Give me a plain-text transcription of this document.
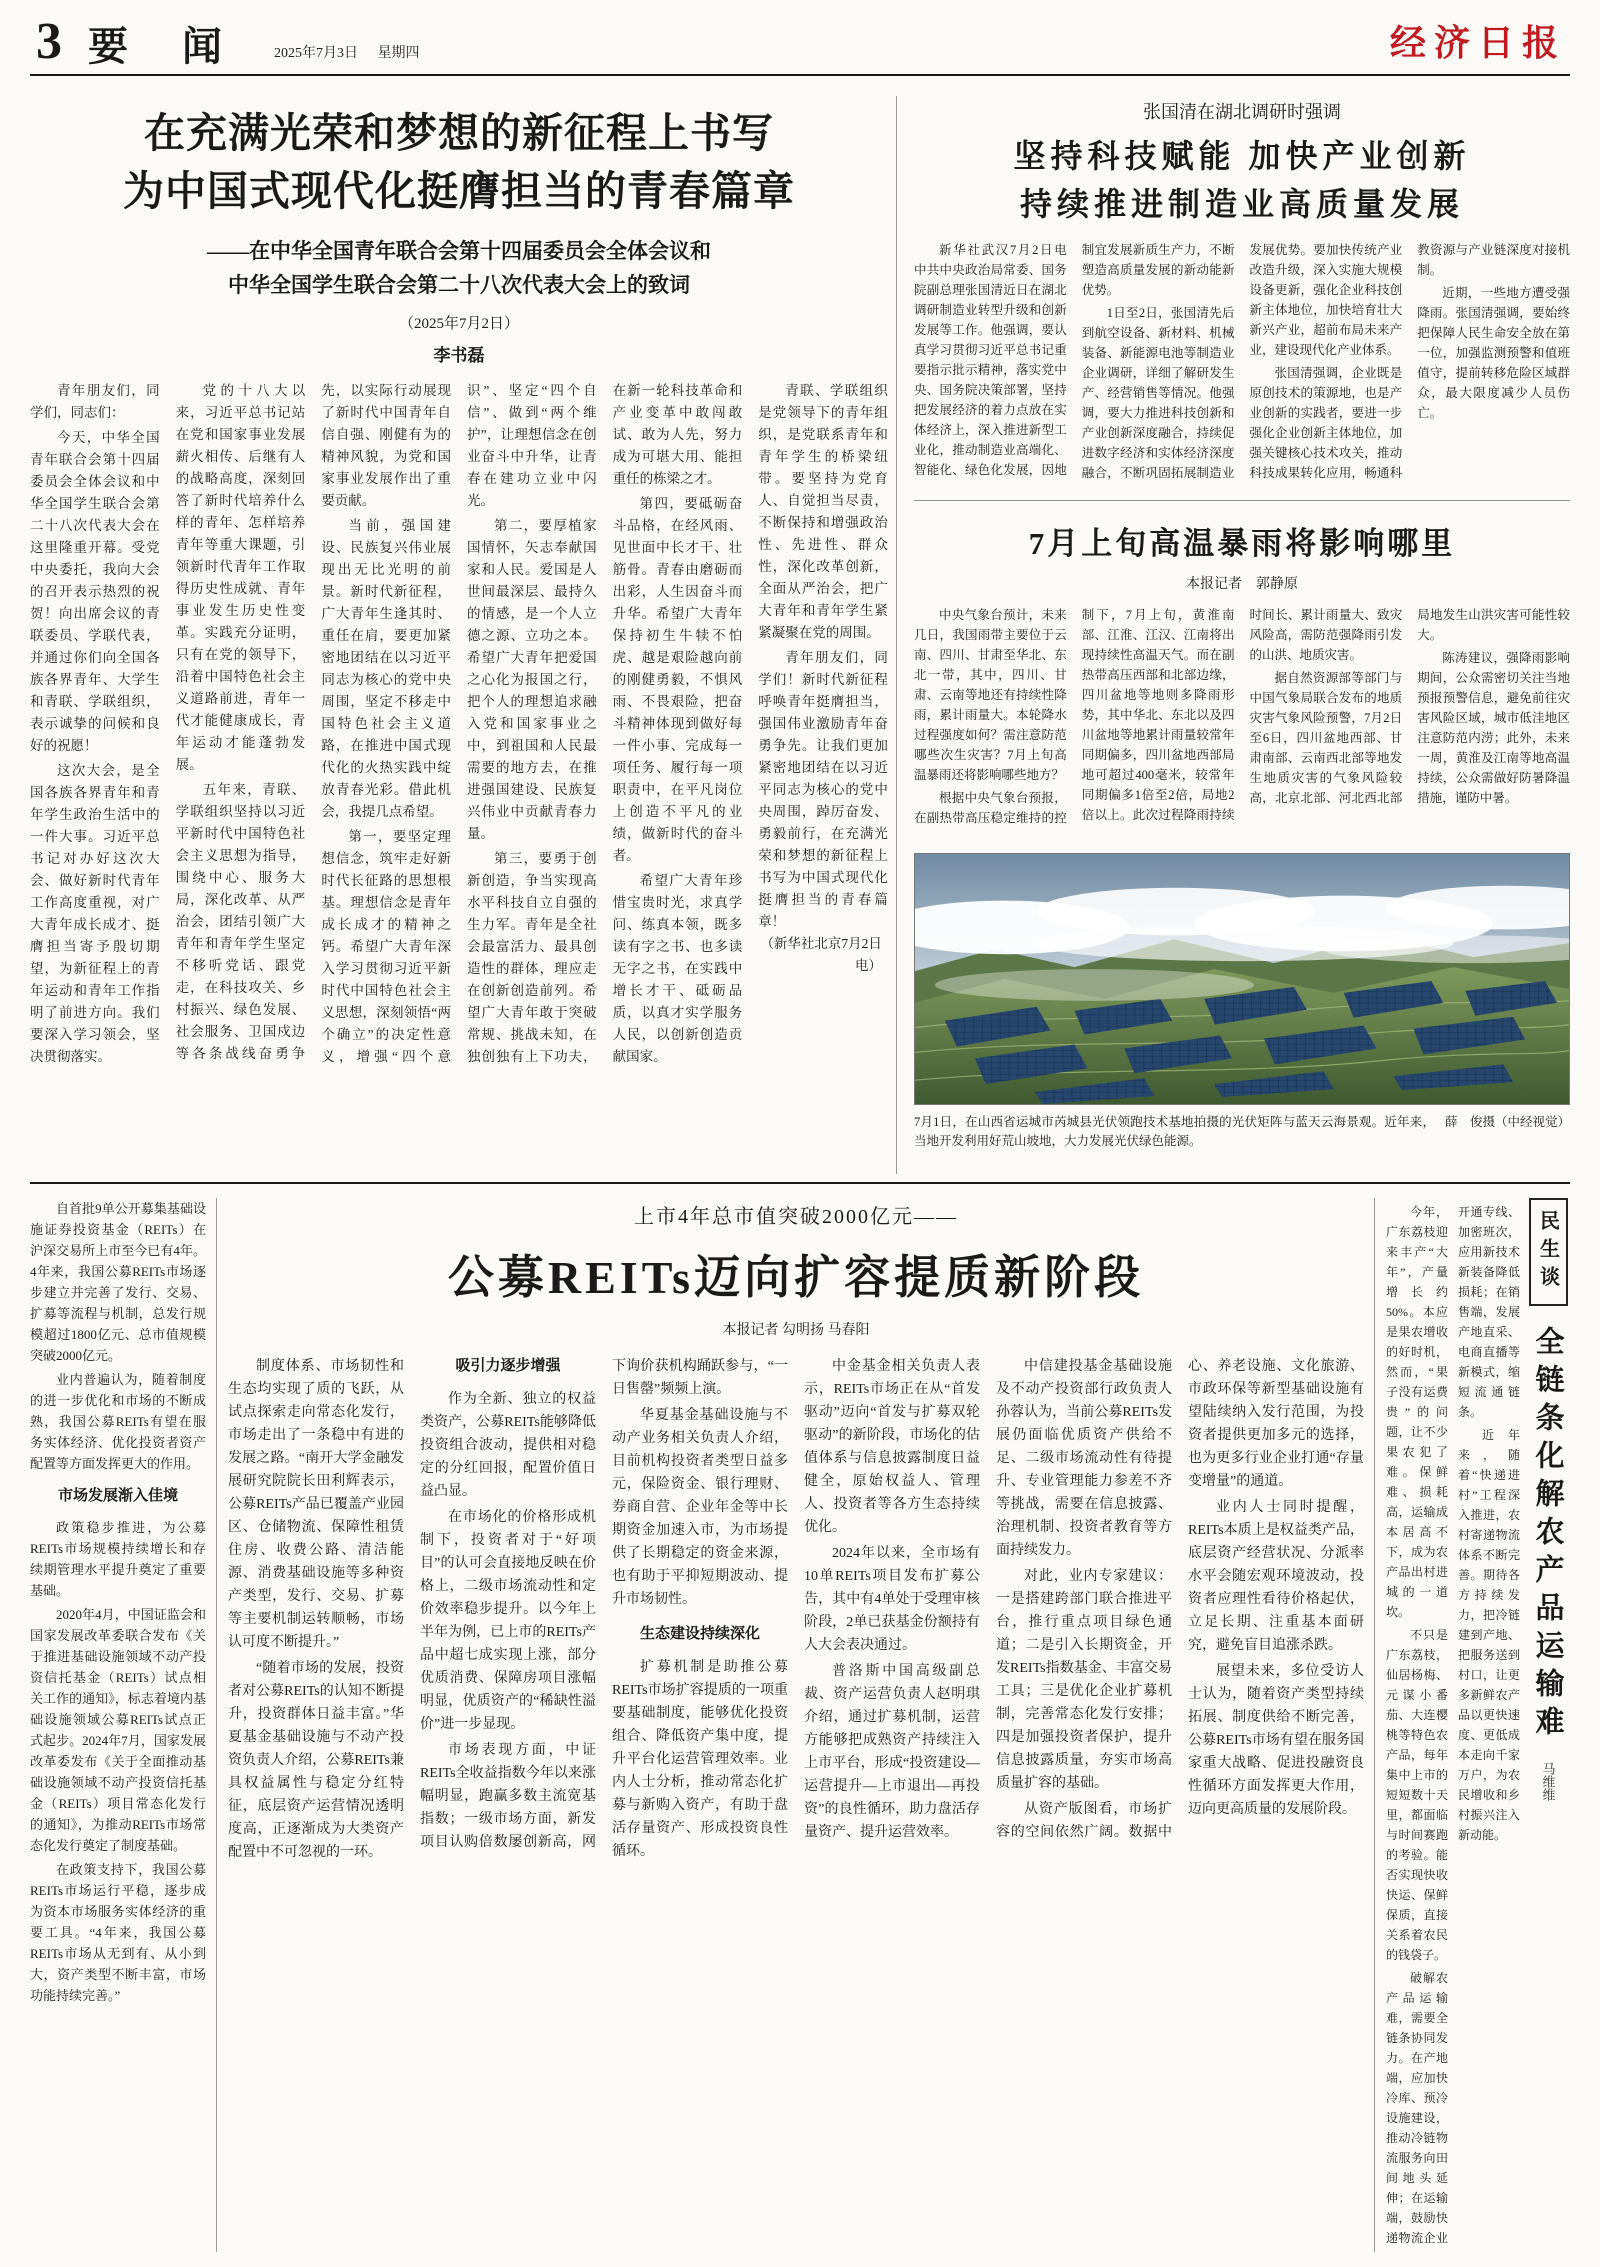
3 要 闻 2025年7月3日 星期四	经济日报
在充满光荣和梦想的新征程上书写
为中国式现代化挺膺担当的青春篇章
——在中华全国青年联合会第十四届委员会全体会议和
中华全国学生联合会第二十八次代表大会上的致词
（2025年7月2日）
李书磊

青年朋友们，同学们，同志们：

今天，中华全国青年联合会第十四届委员会全体会议和中华全国学生联合会第二十八次代表大会在这里隆重开幕。受党中央委托，我向大会的召开表示热烈的祝贺！向出席会议的青联委员、学联代表，并通过你们向全国各族各界青年、大学生和青联、学联组织，表示诚挚的问候和良好的祝愿！

这次大会，是全国各族各界青年和青年学生政治生活中的一件大事。习近平总书记对办好这次大会、做好新时代青年工作高度重视，对广大青年成长成才、挺膺担当寄予殷切期望，为新征程上的青年运动和青年工作指明了前进方向。我们要深入学习领会，坚决贯彻落实。

党的十八大以来，习近平总书记站在党和国家事业发展薪火相传、后继有人的战略高度，深刻回答了新时代培养什么样的青年、怎样培养青年等重大课题，引领新时代青年工作取得历史性成就、青年事业发生历史性变革。实践充分证明，只有在党的领导下，沿着中国特色社会主义道路前进，青年一代才能健康成长，青年运动才能蓬勃发展。

五年来，青联、学联组织坚持以习近平新时代中国特色社会主义思想为指导，围绕中心、服务大局，深化改革、从严治会，团结引领广大青年和青年学生坚定不移听党话、跟党走，在科技攻关、乡村振兴、绿色发展、社会服务、卫国戍边等各条战线奋勇争先，以实际行动展现了新时代中国青年自信自强、刚健有为的精神风貌，为党和国家事业发展作出了重要贡献。

当前，强国建设、民族复兴伟业展现出无比光明的前景。新时代新征程，广大青年生逢其时、重任在肩，要更加紧密地团结在以习近平同志为核心的党中央周围，坚定不移走中国特色社会主义道路，在推进中国式现代化的火热实践中绽放青春光彩。借此机会，我提几点希望。

第一，要坚定理想信念，筑牢走好新时代长征路的思想根基。理想信念是青年成长成才的精神之钙。希望广大青年深入学习贯彻习近平新时代中国特色社会主义思想，深刻领悟“两个确立”的决定性意义，增强“四个意识”、坚定“四个自信”、做到“两个维护”，让理想信念在创业奋斗中升华，让青春在建功立业中闪光。

第二，要厚植家国情怀，矢志奉献国家和人民。爱国是人世间最深层、最持久的情感，是一个人立德之源、立功之本。希望广大青年把爱国之心化为报国之行，把个人的理想追求融入党和国家事业之中，到祖国和人民最需要的地方去，在推进强国建设、民族复兴伟业中贡献青春力量。

第三，要勇于创新创造，争当实现高水平科技自立自强的生力军。青年是全社会最富活力、最具创造性的群体，理应走在创新创造前列。希望广大青年敢于突破常规、挑战未知，在独创独有上下功夫，在新一轮科技革命和产业变革中敢闯敢试、敢为人先，努力成为可堪大用、能担重任的栋梁之才。

第四，要砥砺奋斗品格，在经风雨、见世面中长才干、壮筋骨。青春由磨砺而出彩，人生因奋斗而升华。希望广大青年保持初生牛犊不怕虎、越是艰险越向前的刚健勇毅，不惧风雨、不畏艰险，把奋斗精神体现到做好每一件小事、完成每一项任务、履行每一项职责中，在平凡岗位上创造不平凡的业绩，做新时代的奋斗者。

希望广大青年珍惜宝贵时光，求真学问、练真本领，既多读有字之书、也多读无字之书，在实践中增长才干、砥砺品质，以真才实学服务人民，以创新创造贡献国家。

青联、学联组织是党领导下的青年组织，是党联系青年和青年学生的桥梁纽带。要坚持为党育人、自觉担当尽责，不断保持和增强政治性、先进性、群众性，深化改革创新，全面从严治会，把广大青年和青年学生紧紧凝聚在党的周围。

青年朋友们，同学们！新时代新征程呼唤青年挺膺担当，强国伟业激励青年奋勇争先。让我们更加紧密地团结在以习近平同志为核心的党中央周围，踔厉奋发、勇毅前行，在充满光荣和梦想的新征程上书写为中国式现代化挺膺担当的青春篇章！

（新华社北京7月2日电）

张国清在湖北调研时强调
坚持科技赋能 加快产业创新
持续推进制造业高质量发展

新华社武汉7月2日电　中共中央政治局常委、国务院副总理张国清近日在湖北调研制造业转型升级和创新发展等工作。他强调，要认真学习贯彻习近平总书记重要指示批示精神，落实党中央、国务院决策部署，坚持把发展经济的着力点放在实体经济上，深入推进新型工业化，推动制造业高端化、智能化、绿色化发展，因地制宜发展新质生产力，不断塑造高质量发展的新动能新优势。

1日至2日，张国清先后到航空设备、新材料、机械装备、新能源电池等制造业企业调研，详细了解研发生产、经营销售等情况。他强调，要大力推进科技创新和产业创新深度融合，持续促进数字经济和实体经济深度融合，不断巩固拓展制造业发展优势。要加快传统产业改造升级，深入实施大规模设备更新，强化企业科技创新主体地位，加快培育壮大新兴产业，超前布局未来产业，建设现代化产业体系。

张国清强调，企业既是原创技术的策源地，也是产业创新的实践者，要进一步强化企业创新主体地位，加强关键核心技术攻关，推动科技成果转化应用，畅通科教资源与产业链深度对接机制。

近期，一些地方遭受强降雨。张国清强调，要始终把保障人民生命安全放在第一位，加强监测预警和值班值守，提前转移危险区域群众，最大限度减少人员伤亡。

7月上旬高温暴雨将影响哪里
本报记者　郭静原

中央气象台预计，未来几日，我国雨带主要位于云南、四川、甘肃至华北、东北一带，其中，四川、甘肃、云南等地还有持续性降雨，累计雨量大。本轮降水过程强度如何？需注意防范哪些次生灾害？7月上旬高温暴雨还将影响哪些地方？

根据中央气象台预报，在副热带高压稳定维持的控制下，7月上旬，黄淮南部、江淮、江汉、江南将出现持续性高温天气。而在副热带高压西部和北部边缘，四川盆地等地则多降雨形势，其中华北、东北以及四川盆地等地累计雨量较常年同期偏多，四川盆地西部局地可超过400毫米，较常年同期偏多1倍至2倍，局地2倍以上。此次过程降雨持续时间长、累计雨量大、致灾风险高，需防范强降雨引发的山洪、地质灾害。

据自然资源部等部门与中国气象局联合发布的地质灾害气象风险预警，7月2日至6日，四川盆地西部、甘肃南部、云南西北部等地发生地质灾害的气象风险较高，北京北部、河北西北部局地发生山洪灾害可能性较大。

陈涛建议，强降雨影响期间，公众需密切关注当地预报预警信息，避免前往灾害风险区域，城市低洼地区注意防范内涝；此外，未来一周，黄淮及江南等地高温持续，公众需做好防暑降温措施，谨防中暑。

薛　俊摄（中经视觉）
7月1日，在山西省运城市芮城县光伏领跑技术基地拍摄的光伏矩阵与蓝天云海景观。近年来，当地开发利用好荒山坡地，大力发展光伏绿色能源。

自首批9单公开募集基础设施证券投资基金（REITs）在沪深交易所上市至今已有4年。4年来，我国公募REITs市场逐步建立并完善了发行、交易、扩募等流程与机制，总发行规模超过1800亿元、总市值规模突破2000亿元。

业内普遍认为，随着制度的进一步优化和市场的不断成熟，我国公募REITs有望在服务实体经济、优化投资者资产配置等方面发挥更大的作用。

市场发展渐入佳境

政策稳步推进，为公募REITs市场规模持续增长和存续期管理水平提升奠定了重要基础。

2020年4月，中国证监会和国家发展改革委联合发布《关于推进基础设施领域不动产投资信托基金（REITs）试点相关工作的通知》，标志着境内基础设施领域公募REITs试点正式起步。2024年7月，国家发展改革委发布《关于全面推动基础设施领域不动产投资信托基金（REITs）项目常态化发行的通知》，为推动REITs市场常态化发行奠定了制度基础。

在政策支持下，我国公募REITs市场运行平稳，逐步成为资本市场服务实体经济的重要工具。“4年来，我国公募REITs市场从无到有、从小到大，资产类型不断丰富，市场功能持续完善。”

上市4年总市值突破2000亿元——
公募REITs迈向扩容提质新阶段
本报记者 勾明扬 马春阳

制度体系、市场韧性和生态均实现了质的飞跃，从试点探索走向常态化发行，市场走出了一条稳中有进的发展之路。“南开大学金融发展研究院院长田利辉表示，公募REITs产品已覆盖产业园区、仓储物流、保障性租赁住房、收费公路、清洁能源、消费基础设施等多种资产类型，发行、交易、扩募等主要机制运转顺畅，市场认可度不断提升。”

“随着市场的发展，投资者对公募REITs的认知不断提升，投资群体日益丰富。”华夏基金基础设施与不动产投资负责人介绍，公募REITs兼具权益属性与稳定分红特征，底层资产运营情况透明度高，正逐渐成为大类资产配置中不可忽视的一环。

吸引力逐步增强

作为全新、独立的权益类资产，公募REITs能够降低投资组合波动，提供相对稳定的分红回报，配置价值日益凸显。

在市场化的价格形成机制下，投资者对于“好项目”的认可会直接地反映在价格上，二级市场流动性和定价效率稳步提升。以今年上半年为例，已上市的REITs产品中超七成实现上涨，部分优质消费、保障房项目涨幅明显，优质资产的“稀缺性溢价”进一步显现。

市场表现方面，中证REITs全收益指数今年以来涨幅明显，跑赢多数主流宽基指数；一级市场方面，新发项目认购倍数屡创新高，网下询价获机构踊跃参与，“一日售罄”频频上演。

华夏基金基础设施与不动产业务相关负责人介绍，目前机构投资者类型日益多元，保险资金、银行理财、券商自营、企业年金等中长期资金加速入市，为市场提供了长期稳定的资金来源，也有助于平抑短期波动、提升市场韧性。

生态建设持续深化

扩募机制是助推公募REITs市场扩容提质的一项重要基础制度，能够优化投资组合、降低资产集中度，提升平台化运营管理效率。业内人士分析，推动常态化扩募与新购入资产，有助于盘活存量资产、形成投资良性循环。

中金基金相关负责人表示，REITs市场正在从“首发驱动”迈向“首发与扩募双轮驱动”的新阶段，市场化的估值体系与信息披露制度日益健全，原始权益人、管理人、投资者等各方生态持续优化。

2024年以来，全市场有10单REITs项目发布扩募公告，其中有4单处于受理审核阶段，2单已获基金份额持有人大会表决通过。

普洛斯中国高级副总裁、资产运营负责人赵明琪介绍，通过扩募机制，运营方能够把成熟资产持续注入上市平台，形成“投资建设—运营提升—上市退出—再投资”的良性循环，助力盘活存量资产、提升运营效率。

中信建投基金基础设施及不动产投资部行政负责人孙蓉认为，当前公募REITs发展仍面临优质资产供给不足、二级市场流动性有待提升、专业管理能力参差不齐等挑战，需要在信息披露、治理机制、投资者教育等方面持续发力。

对此，业内专家建议：一是搭建跨部门联合推进平台，推行重点项目绿色通道；二是引入长期资金，开发REITs指数基金、丰富交易工具；三是优化企业扩募机制，完善常态化发行安排；四是加强投资者保护，提升信息披露质量，夯实市场高质量扩容的基础。

从资产版图看，市场扩容的空间依然广阔。数据中心、养老设施、文化旅游、市政环保等新型基础设施有望陆续纳入发行范围，为投资者提供更加多元的选择，也为更多行业企业打通“存量变增量”的通道。

业内人士同时提醒，REITs本质上是权益类产品，底层资产经营状况、分派率水平会随宏观环境波动，投资者应理性看待价格起伏，立足长期、注重基本面研究，避免盲目追涨杀跌。

展望未来，多位受访人士认为，随着资产类型持续拓展、制度供给不断完善，公募REITs市场有望在服务国家重大战略、促进投融资良性循环方面发挥更大作用，迈向更高质量的发展阶段。

今年，广东荔枝迎来丰产“大年”，产量增长约50%。本应是果农增收的好时机，然而，“果子没有运费贵”的问题，让不少果农犯了难。保鲜难、损耗高，运输成本居高不下，成为农产品出村进城的一道坎。

不只是广东荔枝，仙居杨梅、元谋小番茄、大连樱桃等特色农产品，每年集中上市的短短数十天里，都面临与时间赛跑的考验。能否实现快收快运、保鲜保质，直接关系着农民的钱袋子。

破解农产品运输难，需要全链条协同发力。在产地端，应加快冷库、预冷设施建设，推动冷链物流服务向田间地头延伸；在运输端，鼓励快递物流企业开通专线、加密班次，应用新技术新装备降低损耗；在销售端，发展产地直采、电商直播等新模式，缩短流通链条。

近年来，随着“快递进村”工程深入推进，农村寄递物流体系不断完善。期待各方持续发力，把冷链建到产地、把服务送到村口，让更多新鲜农产品以更快速度、更低成本走向千家万户，为农民增收和乡村振兴注入新动能。

民生谈
全链条化解农产品运输难
马维维
